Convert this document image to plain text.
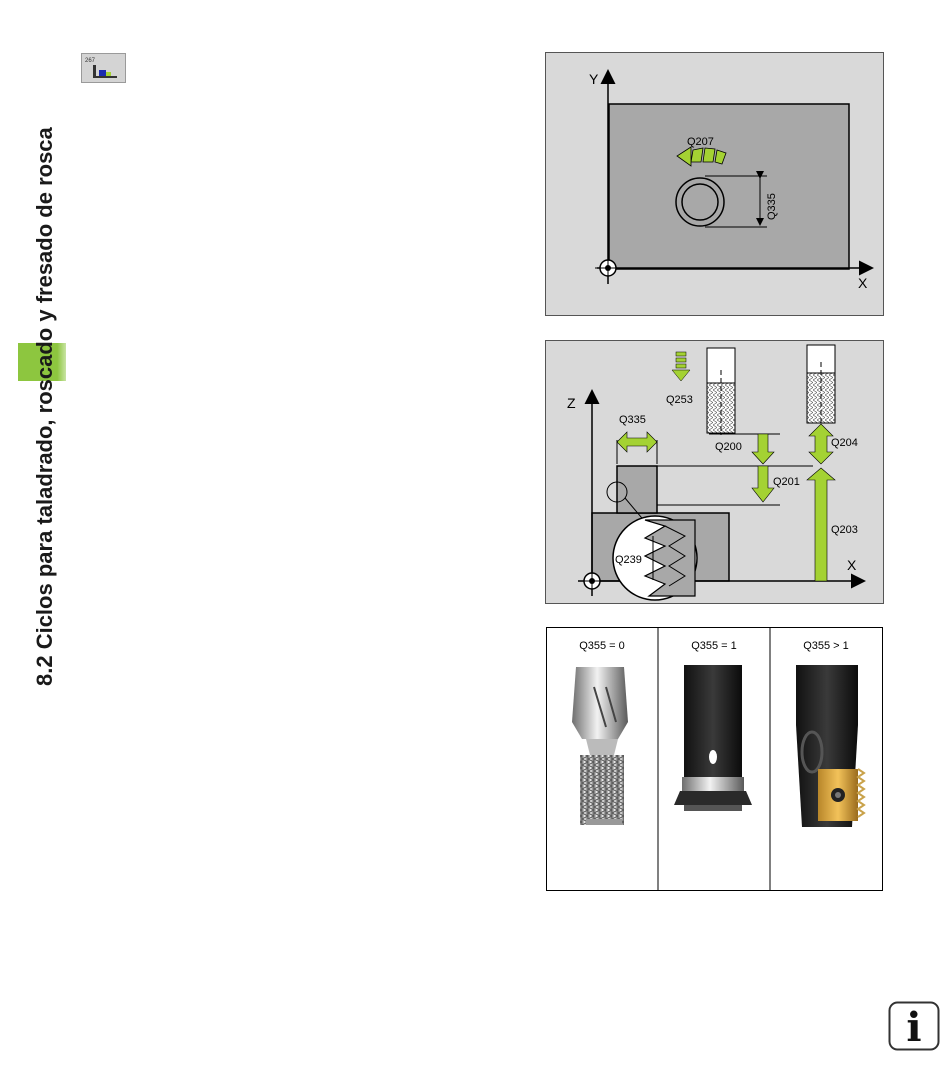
8.2 Ciclos para taladrado, roscado y fresado de rosca
267
Y
X
Q335
Q207
Z
X
Q335
Q253
Q200
Q201
Q204
Q203
Q239
Q355 = 0	Q355 = 1	Q355 > 1
i
